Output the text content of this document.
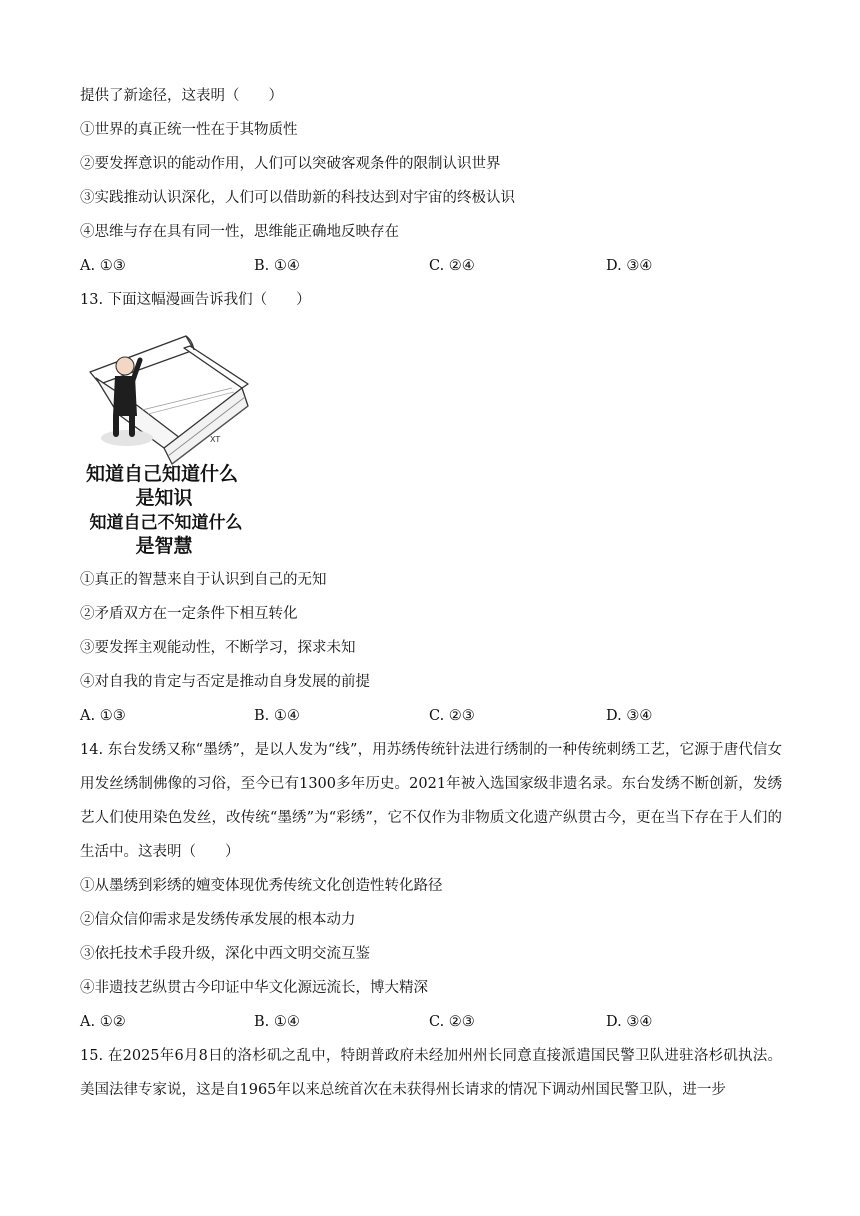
提供了新途径，这表明（　　）
①世界的真正统一性在于其物质性
②要发挥意识的能动作用，人们可以突破客观条件的限制认识世界
③实践推动认识深化，人们可以借助新的科技达到对宇宙的终极认识
④思维与存在具有同一性，思维能正确地反映存在
A. ①③	B. ①④	C. ②④	D. ③④
13. 下面这幅漫画告诉我们（　　）
XT
知道自己知道什么
是知识
知道自己不知道什么
是智慧
①真正的智慧来自于认识到自己的无知
②矛盾双方在一定条件下相互转化
③要发挥主观能动性，不断学习，探求未知
④对自我的肯定与否定是推动自身发展的前提
A. ①③	B. ①④	C. ②③	D. ③④
14. 东台发绣又称“墨绣”，是以人发为“线”，用苏绣传统针法进行绣制的一种传统刺绣工艺，它源于唐代信女用发丝绣制佛像的习俗，至今已有1300多年历史。2021年被入选国家级非遗名录。东台发绣不断创新，发绣艺人们使用染色发丝，改传统“墨绣”为“彩绣”，它不仅作为非物质文化遗产纵贯古今，更在当下存在于人们的生活中。这表明（　　）
①从墨绣到彩绣的嬗变体现优秀传统文化创造性转化路径
②信众信仰需求是发绣传承发展的根本动力
③依托技术手段升级，深化中西文明交流互鉴
④非遗技艺纵贯古今印证中华文化源远流长，博大精深
A. ①②	B. ①④	C. ②③	D. ③④
15. 在2025年6月8日的洛杉矶之乱中，特朗普政府未经加州州长同意直接派遣国民警卫队进驻洛杉矶执法。美国法律专家说，这是自1965年以来总统首次在未获得州长请求的情况下调动州国民警卫队，进一步
